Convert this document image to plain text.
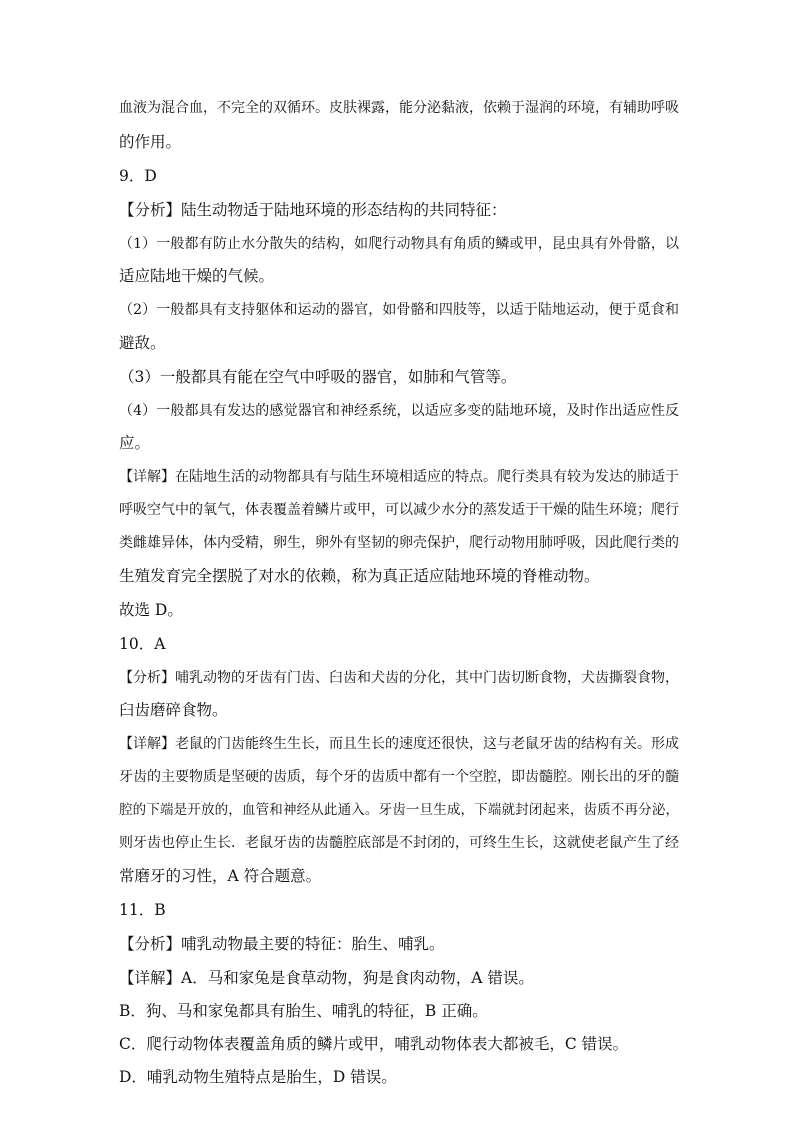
血液为混合血，不完全的双循环。皮肤裸露，能分泌黏液，依赖于湿润的环境，有辅助呼吸
的作用。
9．D
【分析】陆生动物适于陆地环境的形态结构的共同特征：
（1）一般都有防止水分散失的结构，如爬行动物具有角质的鳞或甲，昆虫具有外骨骼，以
适应陆地干燥的气候。
（2）一般都具有支持躯体和运动的器官，如骨骼和四肢等，以适于陆地运动，便于觅食和
避敌。
（3）一般都具有能在空气中呼吸的器官，如肺和气管等。
（4）一般都具有发达的感觉器官和神经系统，以适应多变的陆地环境，及时作出适应性反
应。
【详解】在陆地生活的动物都具有与陆生环境相适应的特点。爬行类具有较为发达的肺适于
呼吸空气中的氧气，体表覆盖着鳞片或甲，可以减少水分的蒸发适于干燥的陆生环境；爬行
类雌雄异体，体内受精，卵生，卵外有坚韧的卵壳保护，爬行动物用肺呼吸，因此爬行类的
生殖发育完全摆脱了对水的依赖，称为真正适应陆地环境的脊椎动物。
故选 D。
10．A
【分析】哺乳动物的牙齿有门齿、臼齿和犬齿的分化，其中门齿切断食物，犬齿撕裂食物，
臼齿磨碎食物。
【详解】老鼠的门齿能终生生长，而且生长的速度还很快，这与老鼠牙齿的结构有关。形成
牙齿的主要物质是坚硬的齿质，每个牙的齿质中都有一个空腔，即齿髓腔。刚长出的牙的髓
腔的下端是开放的，血管和神经从此通入。牙齿一旦生成，下端就封闭起来，齿质不再分泌，
则牙齿也停止生长．老鼠牙齿的齿髓腔底部是不封闭的，可终生生长，这就使老鼠产生了经
常磨牙的习性，A 符合题意。
11．B
【分析】哺乳动物最主要的特征：胎生、哺乳。
【详解】A．马和家兔是食草动物，狗是食肉动物，A 错误。
B．狗、马和家兔都具有胎生、哺乳的特征，B 正确。
C．爬行动物体表覆盖角质的鳞片或甲，哺乳动物体表大都被毛，C 错误。
D．哺乳动物生殖特点是胎生，D 错误。
